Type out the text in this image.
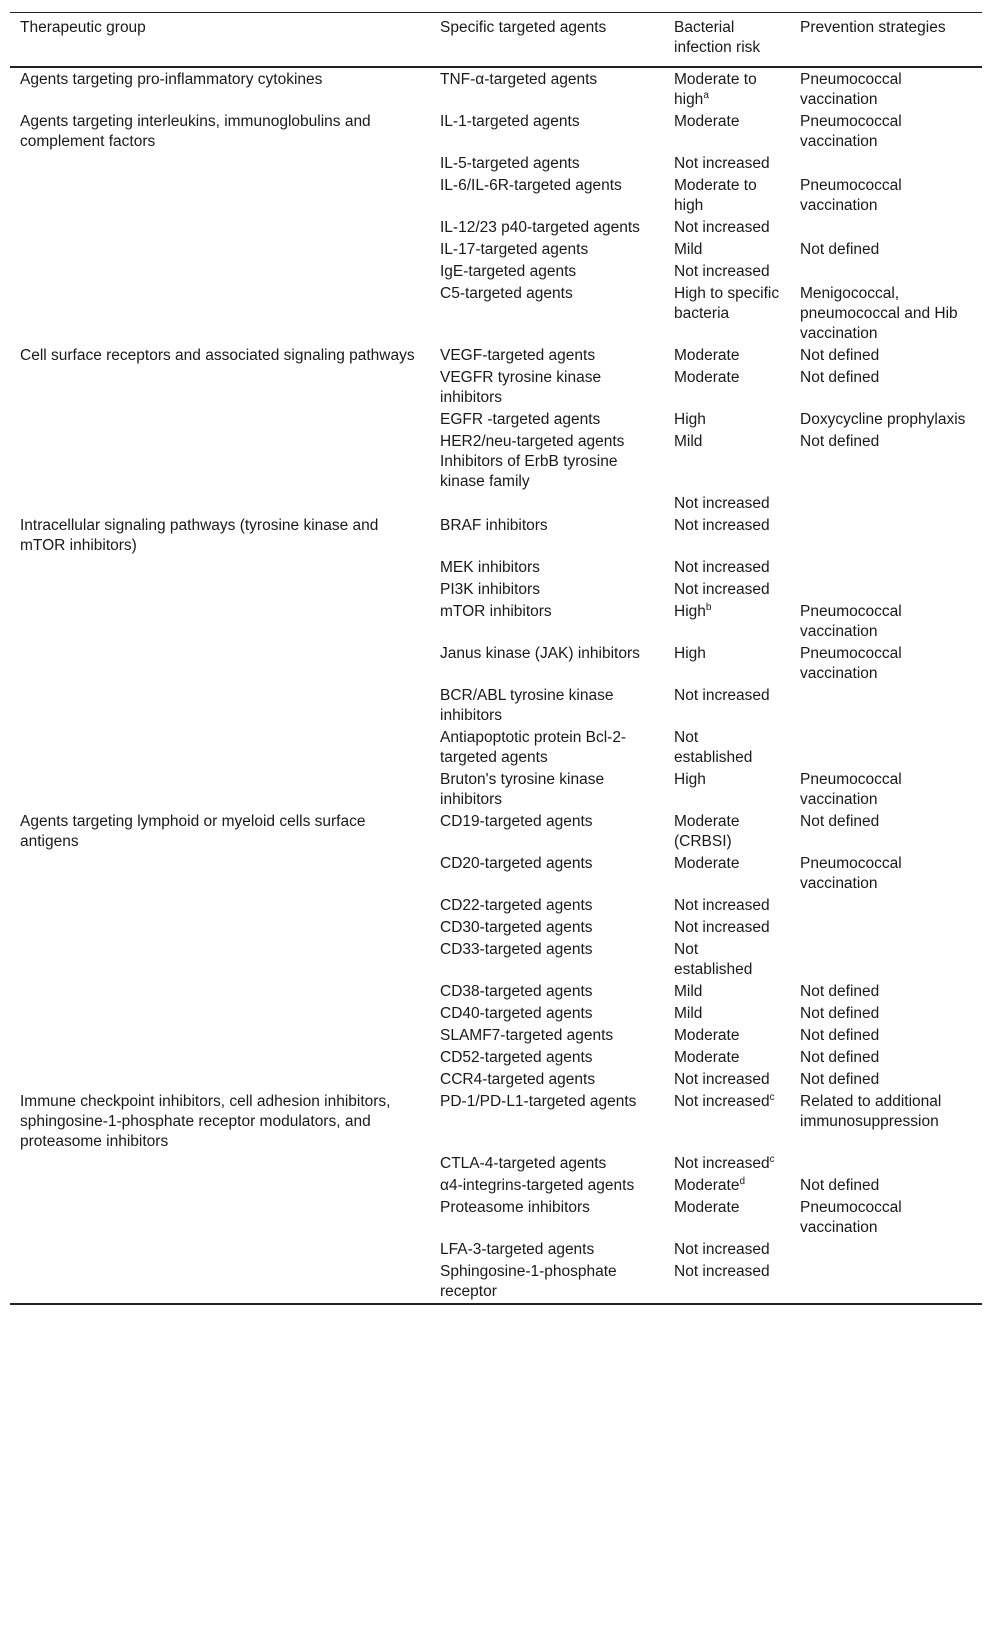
Therapeutic group	Specific targeted agents	Bacterial infection risk	Prevention strategies
Agents targeting pro-inflammatory cytokines	TNF-α-targeted agents	Moderate to high$^a$	Pneumococcal vaccination
Agents targeting interleukins, immunoglobulins and complement factors	IL-1-targeted agents	Moderate	Pneumococcal vaccination
	IL-5-targeted agents	Not increased	
	IL-6/IL-6R-targeted agents	Moderate to high	Pneumococcal vaccination
	IL-12/23 p40-targeted agents	Not increased	
	IL-17-targeted agents	Mild	Not defined
	IgE-targeted agents	Not increased	
	C5-targeted agents	High to specific bacteria	Menigococcal, pneumococcal and Hib vaccination
Cell surface receptors and associated signaling pathways	VEGF-targeted agents	Moderate	Not defined
	VEGFR tyrosine kinase inhibitors	Moderate	Not defined
	EGFR -targeted agents	High	Doxycycline prophylaxis
	HER2/neu-targeted agents Inhibitors of ErbB tyrosine kinase family	Mild	Not defined
		Not increased	
Intracellular signaling pathways (tyrosine kinase and mTOR inhibitors)	BRAF inhibitors	Not increased	
	MEK inhibitors	Not increased	
	PI3K inhibitors	Not increased	
	mTOR inhibitors	High$^b$	Pneumococcal vaccination
	Janus kinase (JAK) inhibitors	High	Pneumococcal vaccination
	BCR/ABL tyrosine kinase inhibitors	Not increased	
	Antiapoptotic protein Bcl-2-targeted agents	Not established	
	Bruton's tyrosine kinase inhibitors	High	Pneumococcal vaccination
Agents targeting lymphoid or myeloid cells surface antigens	CD19-targeted agents	Moderate (CRBSI)	Not defined
	CD20-targeted agents	Moderate	Pneumococcal vaccination
	CD22-targeted agents	Not increased	
	CD30-targeted agents	Not increased	
	CD33-targeted agents	Not established	
	CD38-targeted agents	Mild	Not defined
	CD40-targeted agents	Mild	Not defined
	SLAMF7-targeted agents	Moderate	Not defined
	CD52-targeted agents	Moderate	Not defined
	CCR4-targeted agents	Not increased	Not defined
Immune checkpoint inhibitors, cell adhesion inhibitors, sphingosine-1-phosphate receptor modulators, and proteasome inhibitors	PD-1/PD-L1-targeted agents	Not increased$^c$	Related to additional immunosuppression
	CTLA-4-targeted agents	Not increased$^c$	
	α4-integrins-targeted agents	Moderate$^d$	Not defined
	Proteasome inhibitors	Moderate	Pneumococcal vaccination
	LFA-3-targeted agents	Not increased	
	Sphingosine-1-phosphate receptor	Not increased	
